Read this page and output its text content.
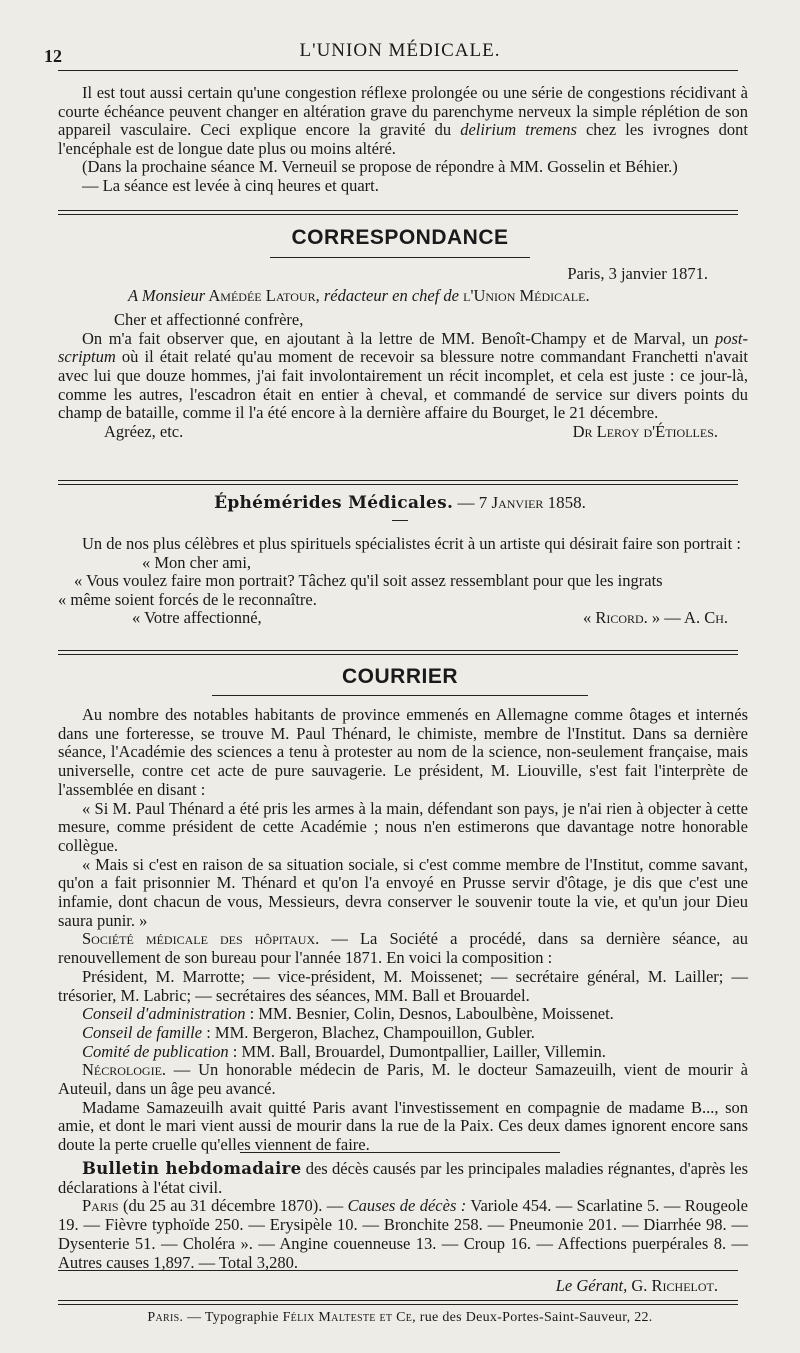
12	L'UNION MÉDICALE.

Il est tout aussi certain qu'une congestion réflexe prolongée ou une série de congestions récidivant à courte échéance peuvent changer en altération grave du parenchyme nerveux la simple réplétion de son appareil vasculaire. Ceci explique encore la gravité du delirium tremens chez les ivrognes dont l'encéphale est de longue date plus ou moins altéré.

(Dans la prochaine séance M. Verneuil se propose de répondre à MM. Gosselin et Béhier.)

— La séance est levée à cinq heures et quart.

CORRESPONDANCE

Paris, 3 janvier 1871.

A Monsieur Amédée Latour, rédacteur en chef de l'Union Médicale.

Cher et affectionné confrère,

On m'a fait observer que, en ajoutant à la lettre de MM. Benoît-Champy et de Marval, un post-scriptum où il était relaté qu'au moment de recevoir sa blessure notre commandant Franchetti n'avait avec lui que douze hommes, j'ai fait involontairement un récit incomplet, et cela est juste : ce jour-là, comme les autres, l'escadron était en entier à cheval, et commandé de service sur divers points du champ de bataille, comme il l'a été encore à la dernière affaire du Bourget, le 21 décembre.

Agréez, etc.	Dr Leroy d'Étiolles.
Éphémérides Médicales. — 7 Janvier 1858.

Un de nos plus célèbres et plus spirituels spécialistes écrit à un artiste qui désirait faire son portrait :

« Mon cher ami,

« Vous voulez faire mon portrait? Tâchez qu'il soit assez ressemblant pour que les ingrats

« même soient forcés de le reconnaître.

« Votre affectionné,	« Ricord. » — A. Ch.
COURRIER

Au nombre des notables habitants de province emmenés en Allemagne comme ôtages et internés dans une forteresse, se trouve M. Paul Thénard, le chimiste, membre de l'Institut. Dans sa dernière séance, l'Académie des sciences a tenu à protester au nom de la science, non-seulement française, mais universelle, contre cet acte de pure sauvagerie. Le président, M. Liouville, s'est fait l'interprète de l'assemblée en disant :

« Si M. Paul Thénard a été pris les armes à la main, défendant son pays, je n'ai rien à objecter à cette mesure, comme président de cette Académie ; nous n'en estimerons que davantage notre honorable collègue.

« Mais si c'est en raison de sa situation sociale, si c'est comme membre de l'Institut, comme savant, qu'on a fait prisonnier M. Thénard et qu'on l'a envoyé en Prusse servir d'ôtage, je dis que c'est une infamie, dont chacun de vous, Messieurs, devra conserver le souvenir toute la vie, et qu'un jour Dieu saura punir. »

Société médicale des hôpitaux. — La Société a procédé, dans sa dernière séance, au renouvellement de son bureau pour l'année 1871. En voici la composition :

Président, M. Marrotte; — vice-président, M. Moissenet; — secrétaire général, M. Lailler; — trésorier, M. Labric; — secrétaires des séances, MM. Ball et Brouardel.

Conseil d'administration : MM. Besnier, Colin, Desnos, Laboulbène, Moissenet.

Conseil de famille : MM. Bergeron, Blachez, Champouillon, Gubler.

Comité de publication : MM. Ball, Brouardel, Dumontpallier, Lailler, Villemin.

Nécrologie. — Un honorable médecin de Paris, M. le docteur Samazeuilh, vient de mourir à Auteuil, dans un âge peu avancé.

Madame Samazeuilh avait quitté Paris avant l'investissement en compagnie de madame B..., son amie, et dont le mari vient aussi de mourir dans la rue de la Paix. Ces deux dames ignorent encore sans doute la perte cruelle qu'elles viennent de faire.

Bulletin hebdomadaire des décès causés par les principales maladies régnantes, d'après les déclarations à l'état civil.

Paris (du 25 au 31 décembre 1870). — Causes de décès : Variole 454. — Scarlatine 5. — Rougeole 19. — Fièvre typhoïde 250. — Erysipèle 10. — Bronchite 258. — Pneumonie 201. — Diarrhée 98. — Dysenterie 51. — Choléra ». — Angine couenneuse 13. — Croup 16. — Affections puerpérales 8. — Autres causes 1,897. — Total 3,280.

Le Gérant, G. Richelot.
Paris. — Typographie Félix Malteste et Ce, rue des Deux-Portes-Saint-Sauveur, 22.
